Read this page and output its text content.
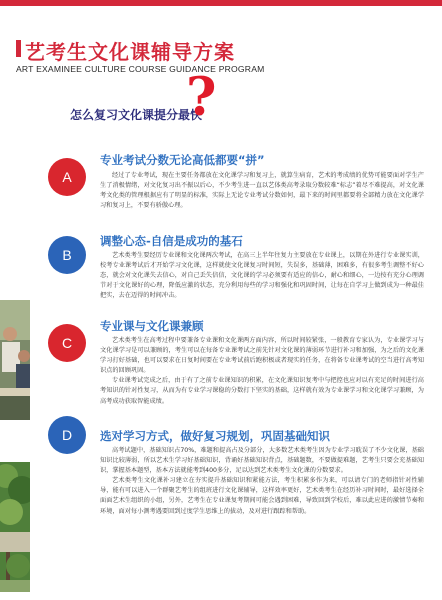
艺考生文化课辅导方案
ART EXAMINEE CULTURE COURSE GUIDANCE PROGRAM
怎么复习文化课提分最快
?
A
专业考试分数无论高低都要“拼”

经过了专业考试，现在主要任务都放在文化课学习和复习上，就算生病育，艺术的考成绩的优势可能要面对学生产生了消极情绪，对文化复习出不振以后心，不少考生进一直以艺体类高考录取分数较难“标志”着尽不难提高，对文化课考文化类的管理根据应有了明显的标准，实际上无论专业考试分数如何，最下来的时间里都要将全部精力放在文化课学习和复习上，不要有骄傲心理。

B
调整心态-自信是成功的基石

艺术类考生要经历专业课和文化课两次考试，在高三上半年往复力主要放在专业课上，以期在外进行专业课实训，校考专业课考试后才开始学习文化课，这样就使文化课复习时间短，失误多，基础薄，困难多，有很多考生调整不好心态，就会对文化课失去信心，对自己丢失信信，文化课的学习必须要有适应的信心，耐心和细心，一边按有充分心理调节对于文化课好的心理，降低应激的状态，充分利用每些的学习和强化和巩固时间，让每在自学习上做到成为一种最佳把实，去在迈得的时间冲击。

C
专业课与文化课兼顾

艺术类考生在高考过程中要兼备专业课和文化课两方面内容，所以时间较紧张，一般教育专家认为，专业课学习与文化课学习是可以兼顾的，考生可以在每备专业课考试之前先针对文化课的薄弱环节进行补习和加强，为之后的文化课学习打好基础，也可以要求在日复时间要在专业考试前后跑积极或者现实的任务，在将备专业课考试的空当进行高考知识点的回顾巩固。

专业课考试完成之后，由于有了之前专业课知识的积累，在文化课知识复考中与把控也应对以有充足的时间进行高考知识的针对性复习，从而为有专业学习课稳的分数打下坚实的基础，这样就有效为专业课学习和文化课学习兼顾，为高考成功获取智能成绩。

D	选对学习方式，做好复习规划，巩固基础知识

高考试题中，基础知识占70%，难题和提高占及分部分，大多数艺术类考生因为专业学习耽误了不少文化课，基础知识比较薄弱，所以艺术生学习好基础知识，背诵好基础知识背点，基础题数，不要做提难题，艺考生只要会充基础知识，掌握基本题型，基本方法就能考到400多分，足以达到艺术类考生文化课的分数要求。

艺术类考生文化课补习建立在夯实提升基础知识和紧能方法，考生积累多作为来，可以请专门的老师指针对性辅导，能有可以进入一个群聚艺考生的组班进行文化课辅导，这样效率更好，艺术类考生在经历补习时间时，最好选择全面面艺术生组织的小组，另外，艺考生在专业课复考期间可能会遇到困难，导致回到学校后，难以此应进的激情节奏和环境，面对每小测考遇要回到过度学生思维上的拔动，及对进行跟踪和帮助。
